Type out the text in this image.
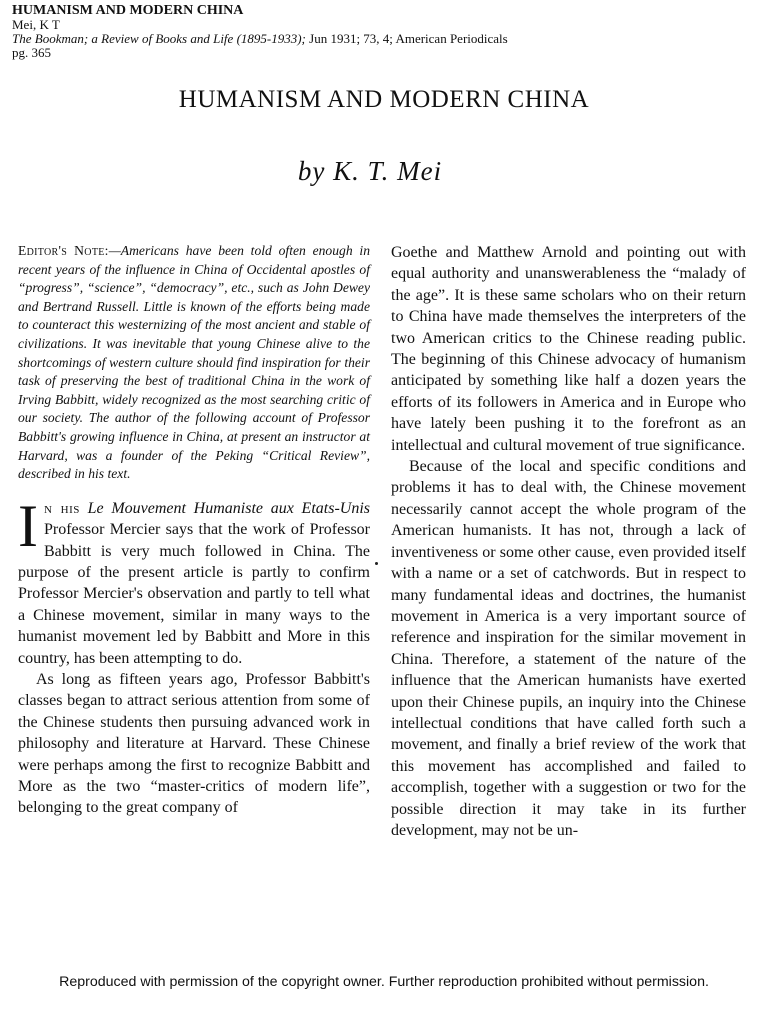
HUMANISM AND MODERN CHINA
Mei, K T
The Bookman; a Review of Books and Life (1895-1933); Jun 1931; 73, 4; American Periodicals
pg. 365
HUMANISM AND MODERN CHINA
by K. T. Mei

Editor's Note:—Americans have been told often enough in recent years of the influence in China of Occidental apostles of “progress”, “science”, “democracy”, etc., such as John Dewey and Bertrand Russell. Little is known of the efforts being made to counteract this westernizing of the most ancient and stable of civilizations. It was inevitable that young Chinese alive to the shortcomings of western culture should find inspiration for their task of preserving the best of traditional China in the work of Irving Babbitt, widely recognized as the most searching critic of our society. The author of the following account of Professor Babbitt's growing influence in China, at present an instructor at Harvard, was a founder of the Peking “Critical Review”, described in his text.

In his Le Mouvement Humaniste aux Etats-Unis Professor Mercier says that the work of Professor Babbitt is very much followed in China. The purpose of the present article is partly to confirm Professor Mercier's observation and partly to tell what a Chinese movement, similar in many ways to the humanist movement led by Babbitt and More in this country, has been attempting to do.

As long as fifteen years ago, Professor Babbitt's classes began to attract serious attention from some of the Chinese students then pursuing advanced work in philosophy and literature at Harvard. These Chinese were perhaps among the first to recognize Babbitt and More as the two “master-critics of modern life”, belonging to the great company of

Goethe and Matthew Arnold and pointing out with equal authority and unanswerableness the “malady of the age”. It is these same scholars who on their return to China have made themselves the interpreters of the two American critics to the Chinese reading public. The beginning of this Chinese advocacy of humanism anticipated by something like half a dozen years the efforts of its followers in America and in Europe who have lately been pushing it to the forefront as an intellectual and cultural movement of true significance.

Because of the local and specific conditions and problems it has to deal with, the Chinese movement necessarily cannot accept the whole program of the American humanists. It has not, through a lack of inventiveness or some other cause, even provided itself with a name or a set of catchwords. But in respect to many fundamental ideas and doctrines, the humanist movement in America is a very important source of reference and inspiration for the similar movement in China. Therefore, a statement of the nature of the influence that the American humanists have exerted upon their Chinese pupils, an inquiry into the Chinese intellectual conditions that have called forth such a movement, and finally a brief review of the work that this movement has accomplished and failed to accomplish, together with a suggestion or two for the possible direction it may take in its further development, may not be un-

Reproduced with permission of the copyright owner. Further reproduction prohibited without permission.
